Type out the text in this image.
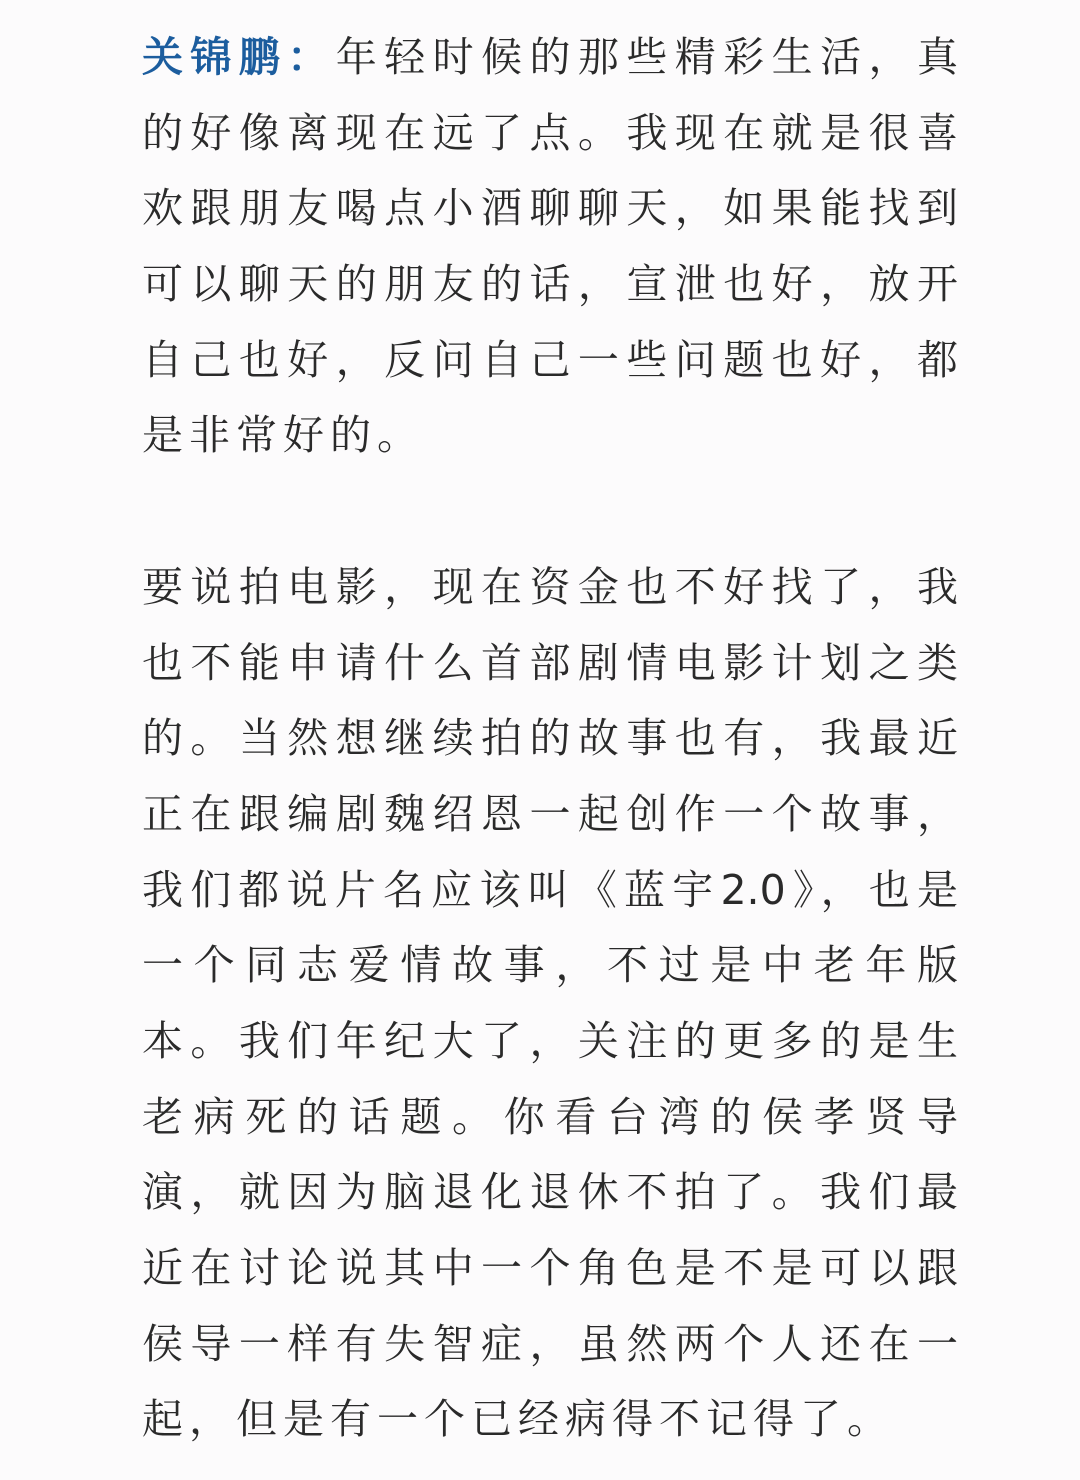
关锦鹏：年轻时候的那些精彩生活，真
的好像离现在远了点。我现在就是很喜
欢跟朋友喝点小酒聊聊天，如果能找到
可以聊天的朋友的话，宣泄也好，放开
自己也好，反问自己一些问题也好，都
是非常好的。
要说拍电影，现在资金也不好找了，我
也不能申请什么首部剧情电影计划之类
的。当然想继续拍的故事也有，我最近
正在跟编剧魏绍恩一起创作一个故事，
我们都说片名应该叫《蓝宇2.0》，也是
一个同志爱情故事，不过是中老年版
本。我们年纪大了，关注的更多的是生
老病死的话题。你看台湾的侯孝贤导
演，就因为脑退化退休不拍了。我们最
近在讨论说其中一个角色是不是可以跟
侯导一样有失智症，虽然两个人还在一
起，但是有一个已经病得不记得了。
